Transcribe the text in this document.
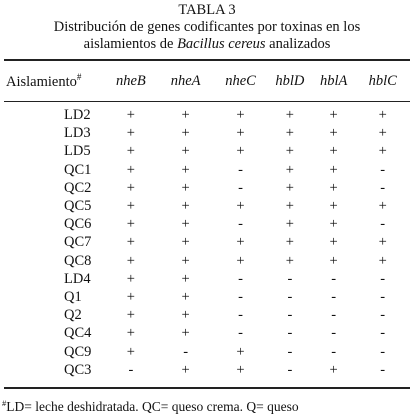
TABLA 3
Distribución de genes codificantes por toxinas en los
aislamientos de Bacillus cereus analizados
Aislamiento#	nheB	nheA	nheC	hblD	hblA	hblC

LD2	+	+	+	+	+	+
LD3	+	+	+	+	+	+
LD5	+	+	+	+	+	+
QC1	+	+	-	+	+	-
QC2	+	+	-	+	+	-
QC5	+	+	+	+	+	+
QC6	+	+	-	+	+	-
QC7	+	+	+	+	+	+
QC8	+	+	+	+	+	+
LD4	+	+	-	-	-	-
Q1	+	+	-	-	-	-
Q2	+	+	-	-	-	-
QC4	+	+	-	-	-	-
QC9	+	-	+	-	-	-
QC3	-	+	+	-	+	-
#LD= leche deshidratada. QC= queso crema. Q= queso
